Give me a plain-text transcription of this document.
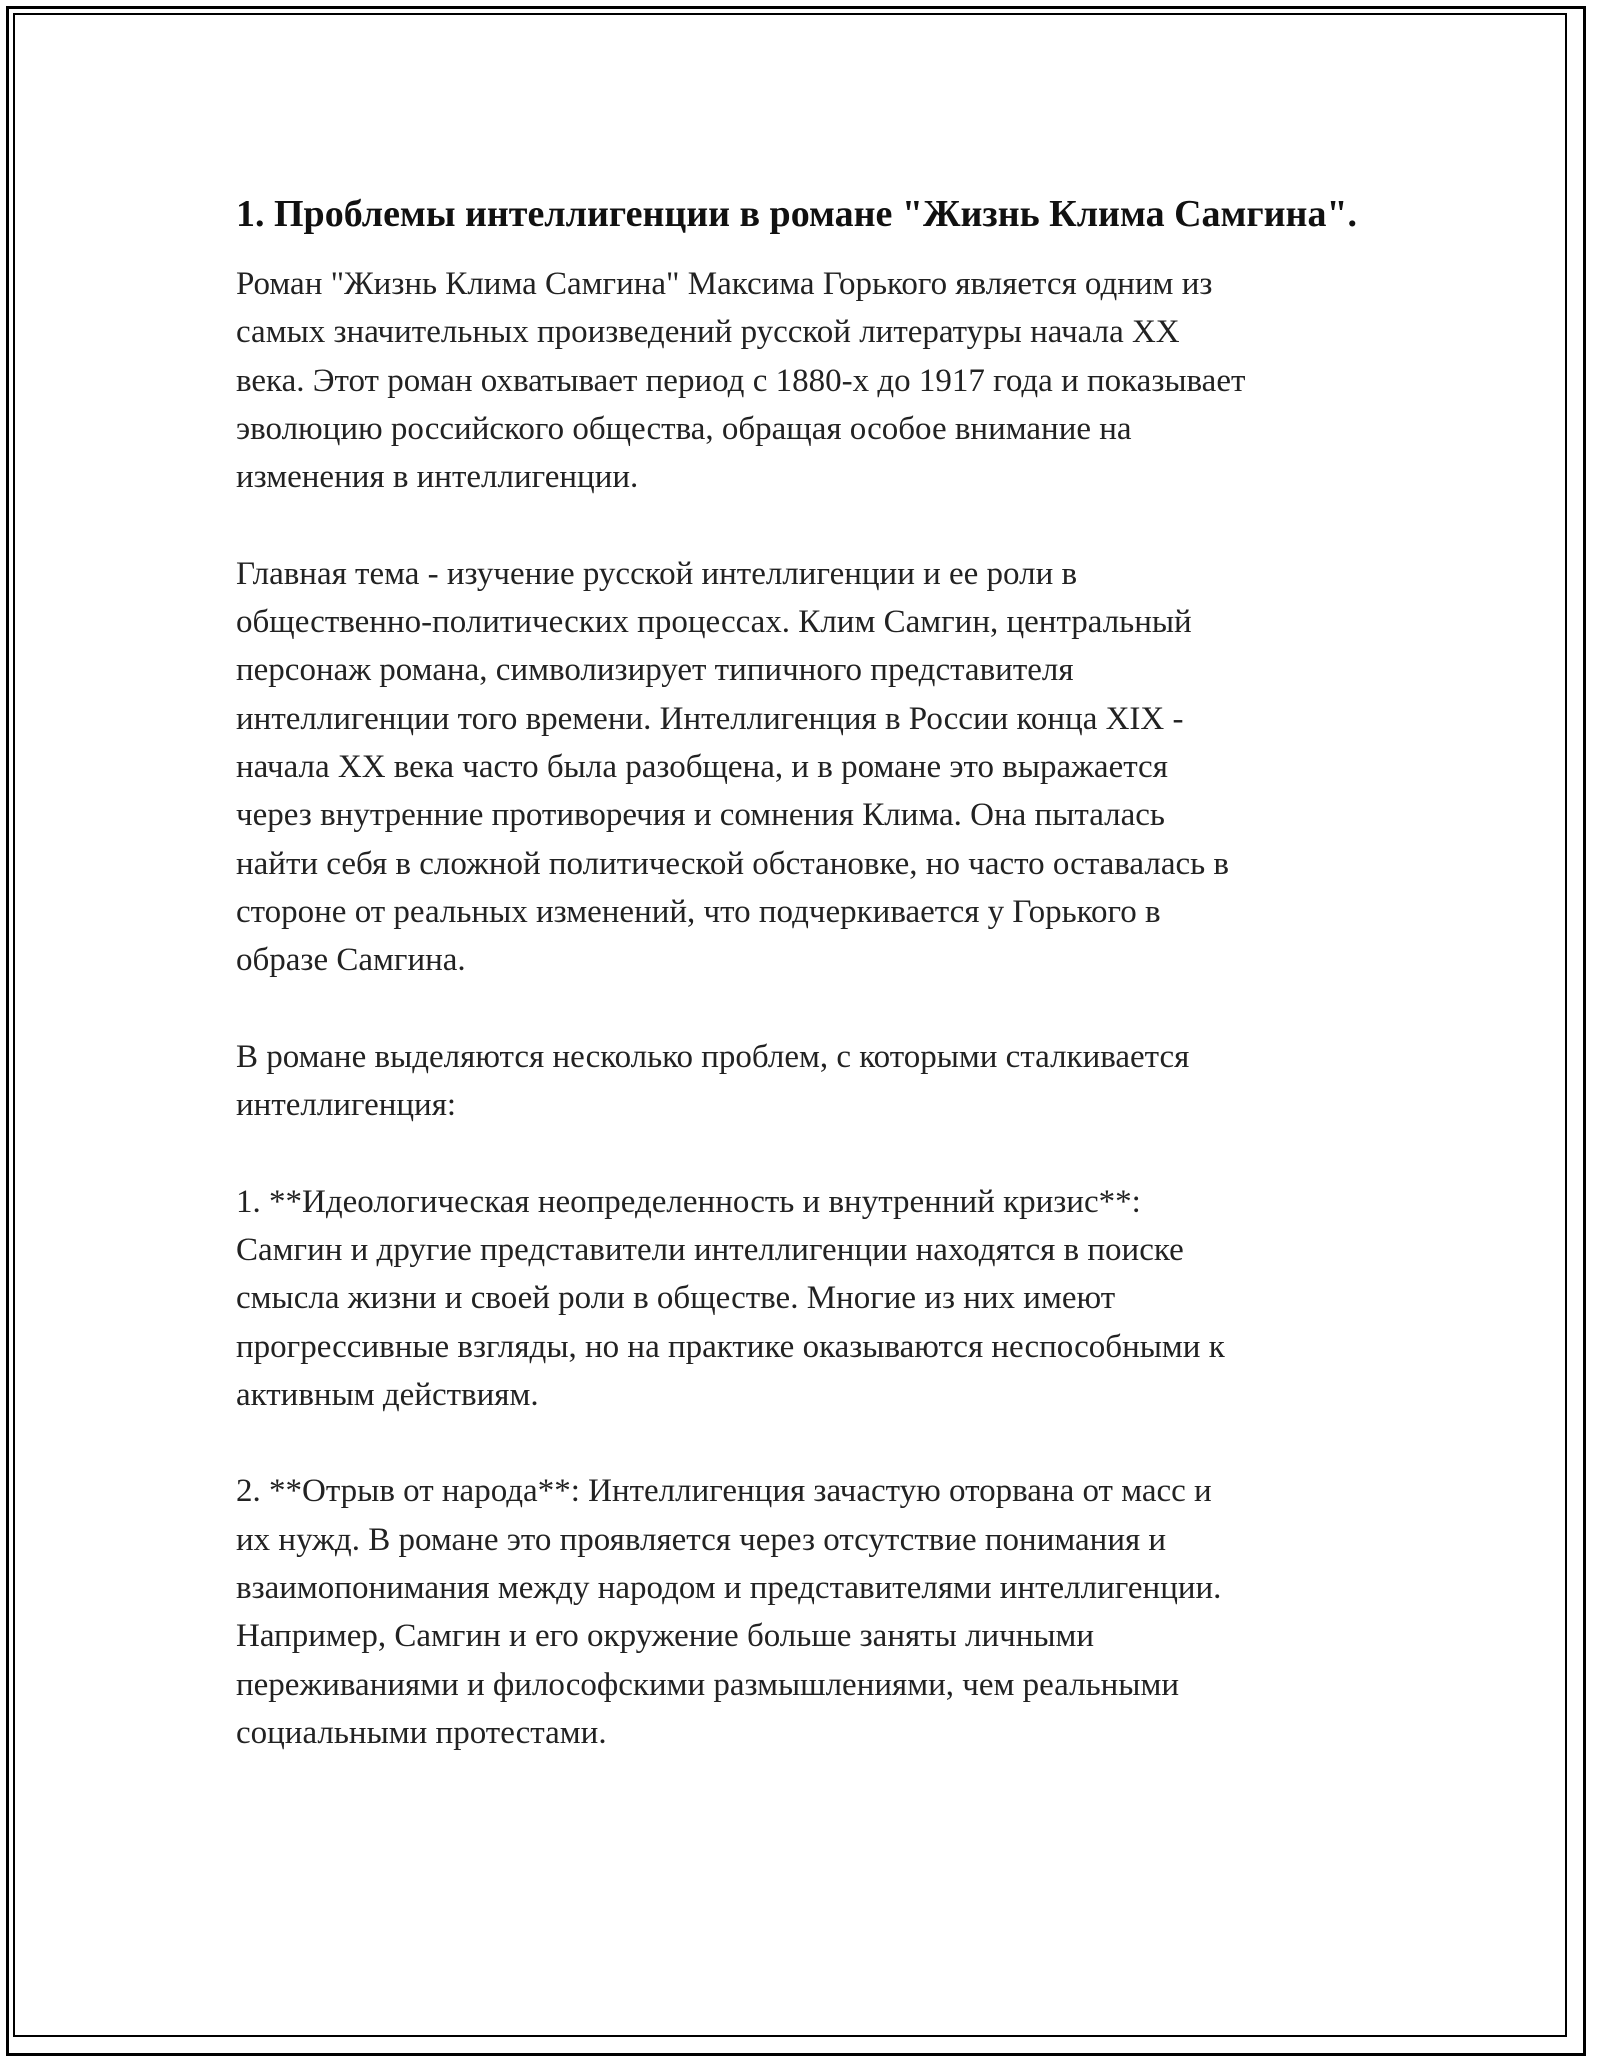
1. Проблемы интеллигенции в романе "Жизнь Клима Самгина".

Роман "Жизнь Клима Самгина" Максима Горького является одним из
самых значительных произведений русской литературы начала XX
века. Этот роман охватывает период с 1880-х до 1917 года и показывает
эволюцию российского общества, обращая особое внимание на
изменения в интеллигенции.

Главная тема - изучение русской интеллигенции и ее роли в
общественно-политических процессах. Клим Самгин, центральный
персонаж романа, символизирует типичного представителя
интеллигенции того времени. Интеллигенция в России конца XIX -
начала XX века часто была разобщена, и в романе это выражается
через внутренние противоречия и сомнения Клима. Она пыталась
найти себя в сложной политической обстановке, но часто оставалась в
стороне от реальных изменений, что подчеркивается у Горького в
образе Самгина.

В романе выделяются несколько проблем, с которыми сталкивается
интеллигенция:

1. **Идеологическая неопределенность и внутренний кризис**:
Самгин и другие представители интеллигенции находятся в поиске
смысла жизни и своей роли в обществе. Многие из них имеют
прогрессивные взгляды, но на практике оказываются неспособными к
активным действиям.

2. **Отрыв от народа**: Интеллигенция зачастую оторвана от масс и
их нужд. В романе это проявляется через отсутствие понимания и
взаимопонимания между народом и представителями интеллигенции.
Например, Самгин и его окружение больше заняты личными
переживаниями и философскими размышлениями, чем реальными
социальными протестами.
